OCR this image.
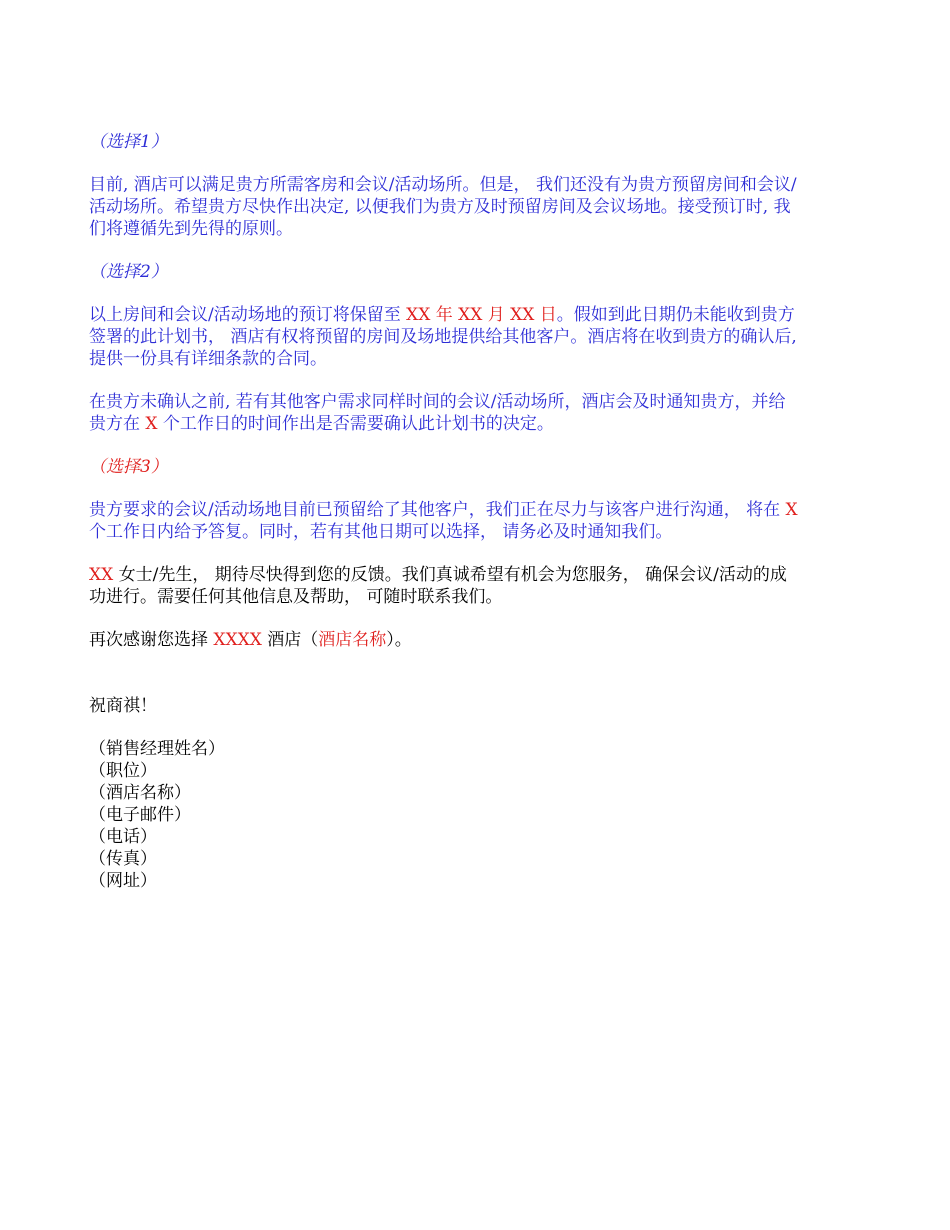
（选择1）
目前, 酒店可以满足贵方所需客房和会议/活动场所。但是， 我们还没有为贵方预留房间和会议/
活动场所。希望贵方尽快作出决定, 以便我们为贵方及时预留房间及会议场地。接受预订时, 我
们将遵循先到先得的原则。
（选择2）
以上房间和会议/活动场地的预订将保留至 XX 年 XX 月 XX 日。假如到此日期仍未能收到贵方
签署的此计划书， 酒店有权将预留的房间及场地提供给其他客户。酒店将在收到贵方的确认后,
提供一份具有详细条款的合同。
在贵方未确认之前, 若有其他客户需求同样时间的会议/活动场所，酒店会及时通知贵方，并给
贵方在 X 个工作日的时间作出是否需要确认此计划书的决定。
（选择3）
贵方要求的会议/活动场地目前已预留给了其他客户，我们正在尽力与该客户进行沟通， 将在 X
个工作日内给予答复。同时，若有其他日期可以选择， 请务必及时通知我们。
XX 女士/先生， 期待尽快得到您的反馈。我们真诚希望有机会为您服务， 确保会议/活动的成
功进行。需要任何其他信息及帮助， 可随时联系我们。
再次感谢您选择 XXXX 酒店（酒店名称）。
祝商祺！
（销售经理姓名）
（职位）
（酒店名称）
（电子邮件）
（电话）
（传真）
（网址）
